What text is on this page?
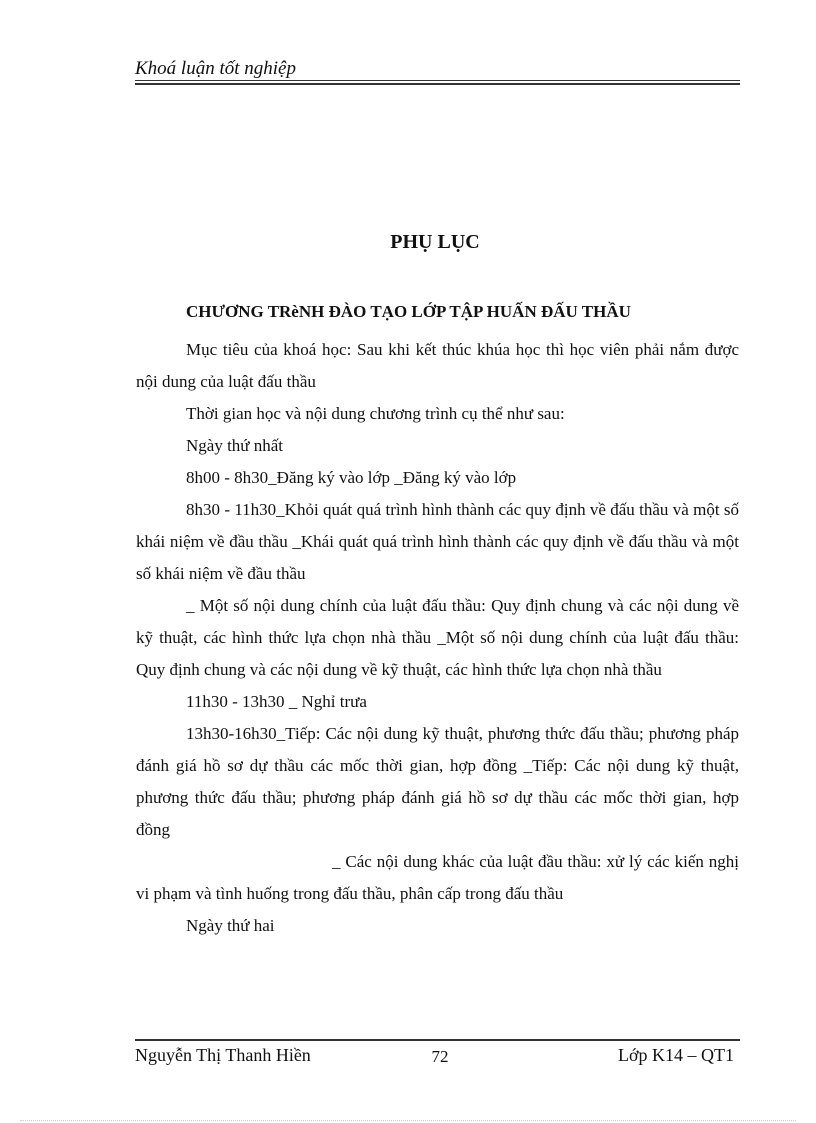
Khoá luận tốt nghiệp
PHỤ LỤC
CHƯƠNG TRèNH ĐÀO TẠO LỚP TẬP HUẤN ĐẤU THẦU

Mục tiêu của khoá học: Sau khi kết thúc khúa học thì học viên phải nắm được nội dung của luật đấu thầu

Thời gian học và nội dung chương trình cụ thể như sau:

Ngày thứ nhất

8h00 - 8h30_Đăng ký vào lớp _Đăng ký vào lớp

8h30 - 11h30_Khỏi quát quá trình hình thành các quy định về đấu thầu và một số khái niệm về đầu thầu _Khái quát quá trình hình thành các quy định về đấu thầu và một số khái niệm về đầu thầu

_ Một số nội dung chính của luật đấu thầu: Quy định chung và các nội dung về kỹ thuật, các hình thức lựa chọn nhà thầu _Một số nội dung chính của luật đấu thầu: Quy định chung và các nội dung về kỹ thuật, các hình thức lựa chọn nhà thầu

11h30 - 13h30 _ Nghỉ trưa

13h30-16h30_Tiếp: Các nội dung kỹ thuật, phương thức đấu thầu; phương pháp đánh giá hồ sơ dự thầu các mốc thời gian, hợp đồng _Tiếp: Các nội dung kỹ thuật, phương thức đấu thầu; phương pháp đánh giá hồ sơ dự thầu các mốc thời gian, hợp đồng

_ Các nội dung khác của luật đầu thầu: xử lý các kiến nghị vi phạm và tình huống trong đấu thầu, phân cấp trong đấu thầu

Ngày thứ hai

Nguyễn Thị Thanh Hiền	72	Lớp K14 – QT1
